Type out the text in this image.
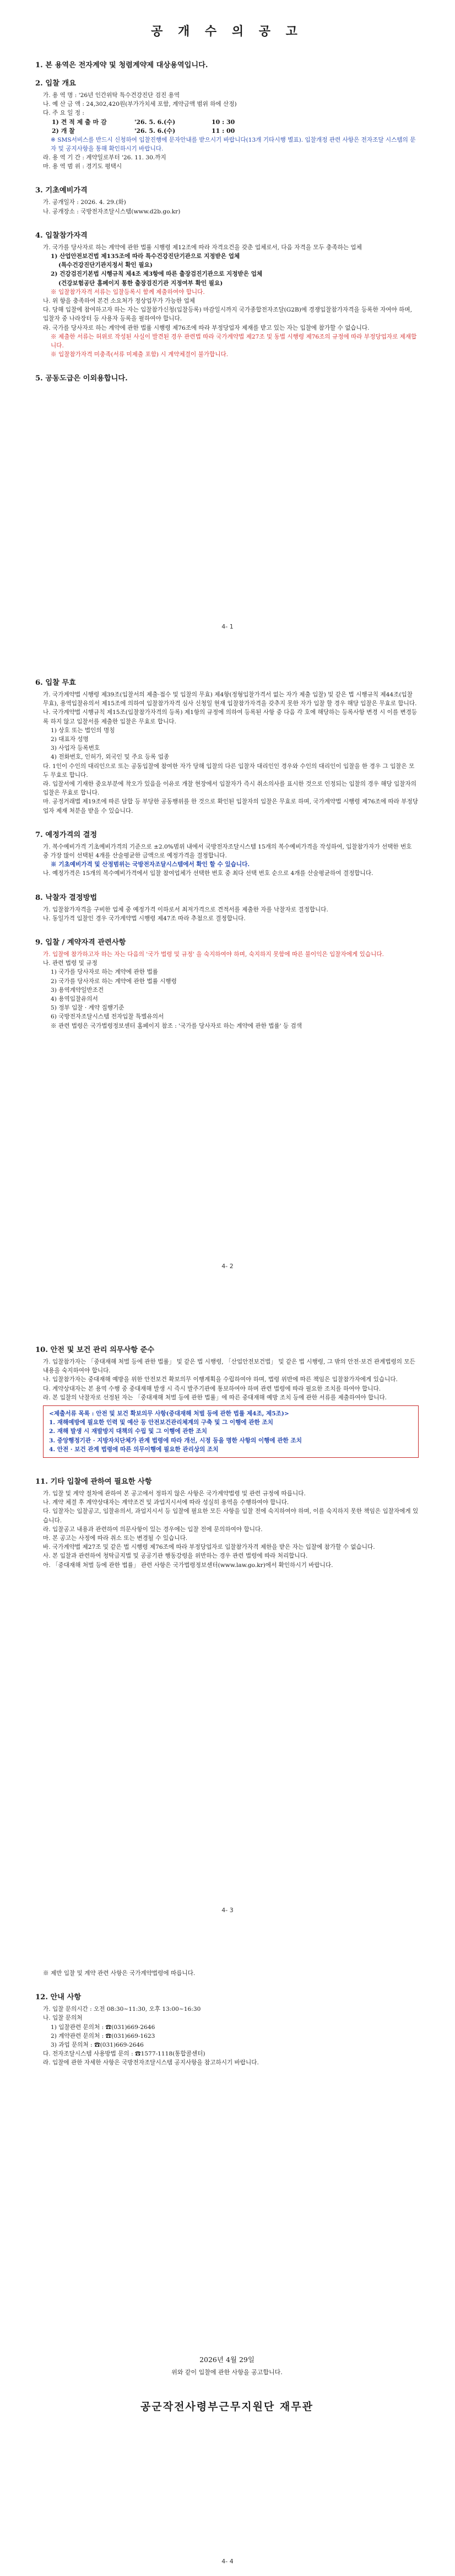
공 개 수 의 공 고

1. 본 용역은 전자계약 및 청렴계약제 대상용역입니다.

2. 입찰 개요

가. 용 역 명 : '26년 인간위탁 특수건강진단 검진 용역

나. 예 산 금 액 : 24,302,420원(부가가치세 포함, 계약금액 범위 하에 산정)

다. 주 요 일 정 :

1) 견 적 제 출 마 감	'26. 5. 6.(수)	10 : 30
2) 개 찰	'26. 5. 6.(수)	11 : 00

※ SMS서비스를 반드시 신청하여 입찰진행에 문자안내를 받으시기 바랍니다(13개 기타시행 별표). 입찰개정 관련 사항은 전자조달 시스템의 문자 및 공지사항을 통해 확인하시기 바랍니다.

라. 용 역 기 간 : 계약일로부터 '26. 11. 30.까지

마. 용 역 범 위 : 경기도 평택시

3. 기초예비가격

가. 공개일자 : 2026. 4. 29.(화)

나. 공개장소 : 국방전자조달시스템(www.d2b.go.kr)

4. 입찰참가자격

가. 국가를 당사자로 하는 계약에 관한 법률 시행령 제12조에 따라 자격요건을 갖춘 업체로서, 다음 자격을 모두 충족하는 업체

1) 산업안전보건법 제135조에 따라 특수건강진단기관으로 지정받은 업체

(특수건강진단기관지정서 확인 필요)

2) 건강검진기본법 시행규칙 제4조 제3항에 따른 출장검진기관으로 지정받은 업체

(건강보험공단 홈페이지 통한 출장검진기관 지정여부 확인 필요)

※ 입찰참가자격 서류는 입찰등록시 함께 제출하여야 합니다.

나. 위 항을 충족하여 본건 소요처가 정상업무가 가능한 업체

다. 당해 입찰에 참여하고자 하는 자는 입찰참가신청(입찰등록) 마감일시까지 국가종합전자조달(G2B)에 경쟁입찰참가자격을 등록한 자여야 하며, 입찰자 중 나라장터 등 사용자 등록을 필하여야 합니다.

라. 국가를 당사자로 하는 계약에 관한 법률 시행령 제76조에 따라 부정당업자 제재를 받고 있는 자는 입찰에 참가할 수 없습니다.

※ 제출한 서류는 허위로 작성된 사실이 발견된 경우 관련법 따라 국가계약법 제27조 및 동법 시행령 제76조의 규정에 따라 부정당업자로 제재합니다.

※ 입찰참가자격 미충족(서류 미제출 포함) 시 계약체결이 불가합니다.

5. 공동도급은 이외용합니다.

4- 1

6. 입찰 무효

가. 국가계약법 시행령 제39조(입찰서의 제출·접수 및 입찰의 무효) 제4항(정형입찰가격서 없는 자가 제출 입찰) 및 같은 법 시행규칙 제44조(입찰 무효), 용역입찰유의서 제15조에 의하여 입찰참가자격 심사 신청일 현재 입찰참가자격을 갖추지 못한 자가 입찰 할 경우 해당 입찰은 무효로 합니다.

나. 국가계약법 시행규칙 제15조(입찰참가자격의 등록) 제1항의 규정에 의하여 등록된 사항 중 다음 각 호에 해당하는 등록사항 변경 시 이를 변경등록 하지 않고 입찰서를 제출한 입찰은 무효로 합니다.

1) 상호 또는 법인의 명칭

2) 대표자 성명

3) 사업자 등록번호

4) 전화번호, 인허가, 외국인 및 주요 등록 업종

다. 1인이 수인의 대리인으로 또는 공동입찰에 참여한 자가 당해 입찰의 다른 입찰자 대리인인 경우와 수인의 대리인이 입찰을 한 경우 그 입찰은 모두 무효로 합니다.

라. 입찰서에 기재한 중요부분에 착오가 있음을 이유로 개찰 현장에서 입찰자가 즉시 취소의사를 표시한 것으로 인정되는 입찰의 경우 해당 입찰자의 입찰은 무효로 합니다.

마. 공정거래법 제19조에 따른 담합 등 부당한 공동행위를 한 것으로 확인된 입찰자의 입찰은 무효로 하며, 국가계약법 시행령 제76조에 따라 부정당업자 제재 처분을 받을 수 있습니다.

7. 예정가격의 결정

가. 복수예비가격 기초예비가격의 기준으로 ±2.0%범위 내에서 국방전자조달시스템 15개의 복수예비가격을 작성하여, 입찰참가자가 선택한 번호 중 가장 많이 선택된 4개를 산술평균한 금액으로 예정가격을 결정합니다.

※ 기초예비가격 및 산정범위는 국방전자조달시스템에서 확인 할 수 있습니다.

나. 예정가격은 15개의 복수예비가격에서 입찰 참여업체가 선택한 번호 중 최다 선택 번호 순으로 4개를 산술평균하여 결정합니다.

8. 낙찰자 결정방법

가. 입찰참가자격을 구비한 업체 중 예정가격 이하로서 최저가격으로 견적서를 제출한 자를 낙찰자로 결정합니다.

나. 동일가격 입찰인 경우 국가계약법 시행령 제47조 따라 추첨으로 결정합니다.

9. 입찰 / 계약자격 관련사항

가. 입찰에 참가하고자 하는 자는 다음의 '국가 법령 및 규정' 을 숙지하여야 하며, 숙지하지 못함에 따른 불이익은 입찰자에게 있습니다.

나. 관련 법령 및 규정

1) 국가를 당사자로 하는 계약에 관한 법률

2) 국가를 당사자로 하는 계약에 관한 법률 시행령

3) 용역계약일반조건

4) 용역입찰유의서

5) 정부 입찰 · 계약 집행기준

6) 국방전자조달시스템 전자입찰 특별유의서

※ 관련 법령은 국가법령정보센터 홈페이지 참조 : '국가를 당사자로 하는 계약에 관한 법률' 등 검색

4- 2

10. 안전 및 보건 관리 의무사항 준수

가. 입찰참가자는 「중대재해 처벌 등에 관한 법률」 및 같은 법 시행령, 「산업안전보건법」 및 같은 법 시행령, 그 밖의 안전·보건 관계법령의 모든 내용을 숙지하여야 합니다.

나. 입찰참가자는 중대재해 예방을 위한 안전보건 확보의무 이행계획을 수립하여야 하며, 법령 위반에 따른 책임은 입찰참가자에게 있습니다.

다. 계약상대자는 본 용역 수행 중 중대재해 발생 시 즉시 발주기관에 통보하여야 하며 관련 법령에 따라 필요한 조치를 하여야 합니다.

라. 본 입찰의 낙찰자로 선정된 자는 「중대재해 처벌 등에 관한 법률」에 따른 중대재해 예방 조치 등에 관한 서류를 제출하여야 합니다.

<제출서류 목록 : 안전 및 보건 확보의무 사항(중대재해 처벌 등에 관한 법률 제4조, 제5조)>

1. 재해예방에 필요한 인력 및 예산 등 안전보건관리체계의 구축 및 그 이행에 관한 조치

2. 재해 발생 시 재발방지 대책의 수립 및 그 이행에 관한 조치

3. 중앙행정기관 · 지방자치단체가 관계 법령에 따라 개선, 시정 등을 명한 사항의 이행에 관한 조치

4. 안전 · 보건 관계 법령에 따른 의무이행에 필요한 관리상의 조치

11. 기타 입찰에 관하여 필요한 사항

가. 입찰 및 계약 절차에 관하여 본 공고에서 정하지 않은 사항은 국가계약법령 및 관련 규정에 따릅니다.

나. 계약 체결 후 계약상대자는 계약조건 및 과업지시서에 따라 성실히 용역을 수행하여야 합니다.

다. 입찰자는 입찰공고, 입찰유의서, 과업지시서 등 입찰에 필요한 모든 사항을 입찰 전에 숙지하여야 하며, 이를 숙지하지 못한 책임은 입찰자에게 있습니다.

라. 입찰공고 내용과 관련하여 의문사항이 있는 경우에는 입찰 전에 문의하여야 합니다.

마. 본 공고는 사정에 따라 취소 또는 변경될 수 있습니다.

바. 국가계약법 제27조 및 같은 법 시행령 제76조에 따라 부정당업자로 입찰참가자격 제한을 받은 자는 입찰에 참가할 수 없습니다.

사. 본 입찰과 관련하여 청탁금지법 및 공공기관 행동강령을 위반하는 경우 관련 법령에 따라 처리합니다.

아. 「중대재해 처벌 등에 관한 법률」 관련 사항은 국가법령정보센터(www.law.go.kr)에서 확인하시기 바랍니다.

4- 3

※ 제반 입찰 및 계약 관련 사항은 국가계약법령에 따릅니다.

12. 안내 사항

가. 입찰 문의시간 : 오전 08:30~11:30, 오후 13:00~16:30

나. 입찰 문의처

1) 입찰관련 문의처 : ☎(031)669-2646

2) 계약관련 문의처 : ☎(031)669-1623

3) 과업 문의처 : ☎(031)669-2646

다. 전자조달시스템 사용방법 문의 : ☎1577-1118(통합콜센터)

라. 입찰에 관한 자세한 사항은 국방전자조달시스템 공지사항을 참고하시기 바랍니다.

2026년 4월 29일
위와 같이 입찰에 관한 사항을 공고합니다.
공군작전사령부근무지원단 재무관
4- 4
